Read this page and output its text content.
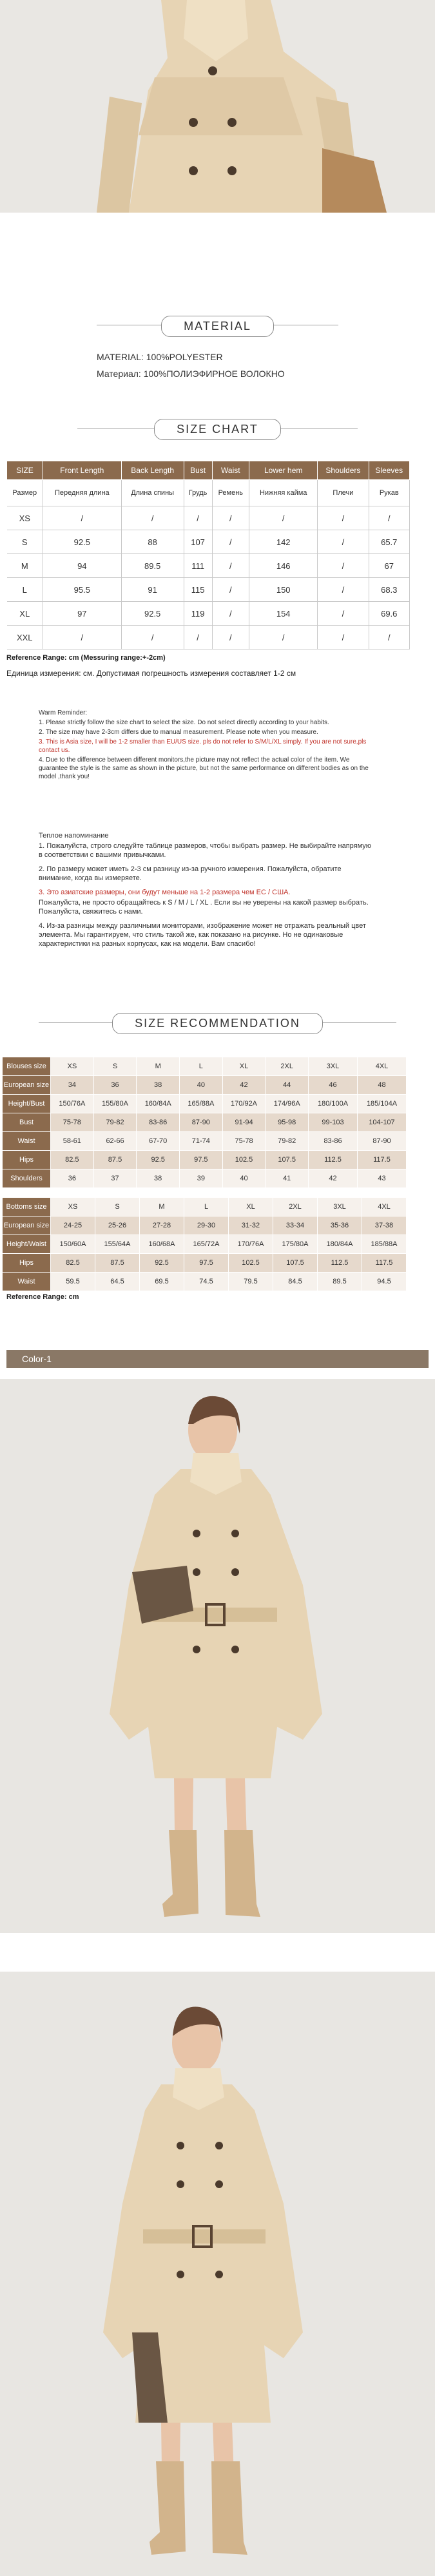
MATERIAL
MATERIAL: 100%POLYESTER
Материал: 100%ПОЛИЭФИРНОЕ ВОЛОКНО
SIZE CHART
SIZE	Front Length	Back Length	Bust	Waist	Lower hem	Shoulders	Sleeves
Размер	Передняя длина	Длина спины	Грудь	Ремень	Нижняя кайма	Плечи	Рукав
XS	/	/	/	/	/	/	/
S	92.5	88	107	/	142	/	65.7
M	94	89.5	111	/	146	/	67
L	95.5	91	115	/	150	/	68.3
XL	97	92.5	119	/	154	/	69.6
XXL	/	/	/	/	/	/	/
Reference Range: cm (Messuring range:+-2cm)
Единица измерения: см. Допустимая погрешность измерения составляет 1-2 см

Warm Reminder:

1. Please strictly follow the size chart to select the size. Do not select directly according to your habits.

2. The size may have 2-3cm differs due to manual measurement. Please note when you measure.

3. This is Asia size, I will be 1-2 smaller than EU/US size. pls do not refer to S/M/L/XL simply. If you are not sure,pls contact us.

4. Due to the difference between different monitors,the picture may not reflect the actual color of the item. We guarantee the style is the same as shown in the picture, but not the same performance on different bodies as on the model ,thank you!

Теплое напоминание

1. Пожалуйста, строго следуйте таблице размеров, чтобы выбрать размер. Не выбирайте напрямую в соответствии с вашими привычками.

2. По размеру может иметь 2-3 см разницу из-за ручного измерения. Пожалуйста, обратите внимание, когда вы измеряете.

3. Это азиатские размеры, они будут меньше на 1-2 размера чем ЕС / США.

Пожалуйста, не просто обращайтесь к S / M / L / XL . Если вы не уверены на какой размер выбрать. Пожалуйста, свяжитесь с нами.

4. Из-за разницы между различными мониторами, изображение может не отражать реальный цвет элемента. Мы гарантируем, что стиль такой же, как показано на рисунке. Но не одинаковые характеристики на разных корпусах, как на модели. Вам спасибо!

SIZE RECOMMENDATION
Blouses size	XS	S	M	L	XL	2XL	3XL	4XL
European size	34	36	38	40	42	44	46	48
Height/Bust	150/76A	155/80A	160/84A	165/88A	170/92A	174/96A	180/100A	185/104A
Bust	75-78	79-82	83-86	87-90	91-94	95-98	99-103	104-107
Waist	58-61	62-66	67-70	71-74	75-78	79-82	83-86	87-90
Hips	82.5	87.5	92.5	97.5	102.5	107.5	112.5	117.5
Shoulders	36	37	38	39	40	41	42	43
Bottoms size	XS	S	M	L	XL	2XL	3XL	4XL
European size	24-25	25-26	27-28	29-30	31-32	33-34	35-36	37-38
Height/Waist	150/60A	155/64A	160/68A	165/72A	170/76A	175/80A	180/84A	185/88A
Hips	82.5	87.5	92.5	97.5	102.5	107.5	112.5	117.5
Waist	59.5	64.5	69.5	74.5	79.5	84.5	89.5	94.5
Reference Range: cm
Color-1
